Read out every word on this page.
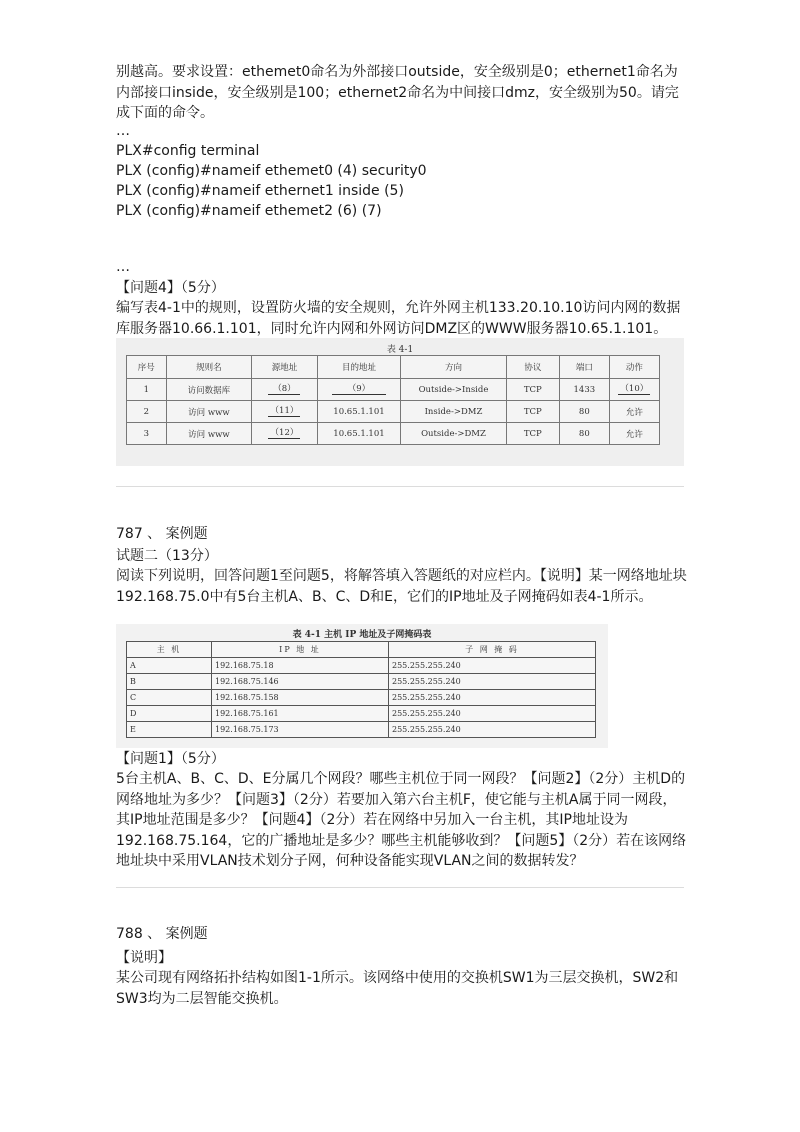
别越高。要求设置：ethemet0命名为外部接口outside，安全级别是0；ethernet1命名为内部接口inside，安全级别是100；ethernet2命名为中间接口dmz，安全级别为50。请完成下面的命令。

…
PLX#config terminal
PLX (config)#nameif ethemet0 (4) security0
PLX (config)#nameif ethernet1 inside (5)
PLX (config)#nameif ethemet2 (6) (7)
…
【问题4】（5分）

编写表4-1中的规则，设置防火墙的安全规则，允许外网主机133.20.10.10访问内网的数据库服务器10.66.1.101，同时允许内网和外网访问DMZ区的WWW服务器10.65.1.101。

表 4-1
序号	规则名	源地址	目的地址	方向	协议	端口	动作
1	访问数据库	（8）	（9）	Outside->Inside	TCP	1433	（10）
2	访问 www	（11）	10.65.1.101	Inside->DMZ	TCP	80	允许
3	访问 www	（12）	10.65.1.101	Outside->DMZ	TCP	80	允许
787 、 案例题
试题二（13分）

阅读下列说明，回答问题1至问题5，将解答填入答题纸的对应栏内。【说明】某一网络地址块192.168.75.0中有5台主机A、B、C、D和E，它们的IP地址及子网掩码如表4-1所示。

表 4-1 主机 IP 地址及子网掩码表
主 机	IP 地 址	子 网 掩 码
A	192.168.75.18	255.255.255.240
B	192.168.75.146	255.255.255.240
C	192.168.75.158	255.255.255.240
D	192.168.75.161	255.255.255.240
E	192.168.75.173	255.255.255.240
【问题1】（5分）

5台主机A、B、C、D、E分属几个网段？哪些主机位于同一网段？【问题2】（2分）主机D的网络地址为多少？【问题3】（2分）若要加入第六台主机F，使它能与主机A属于同一网段，其IP地址范围是多少？【问题4】（2分）若在网络中另加入一台主机，其IP地址设为192.168.75.164，它的广播地址是多少？哪些主机能够收到？【问题5】（2分）若在该网络地址块中采用VLAN技术划分子网，何种设备能实现VLAN之间的数据转发？

788 、 案例题
【说明】

某公司现有网络拓扑结构如图1-1所示。该网络中使用的交换机SW1为三层交换机，SW2和SW3均为二层智能交换机。
